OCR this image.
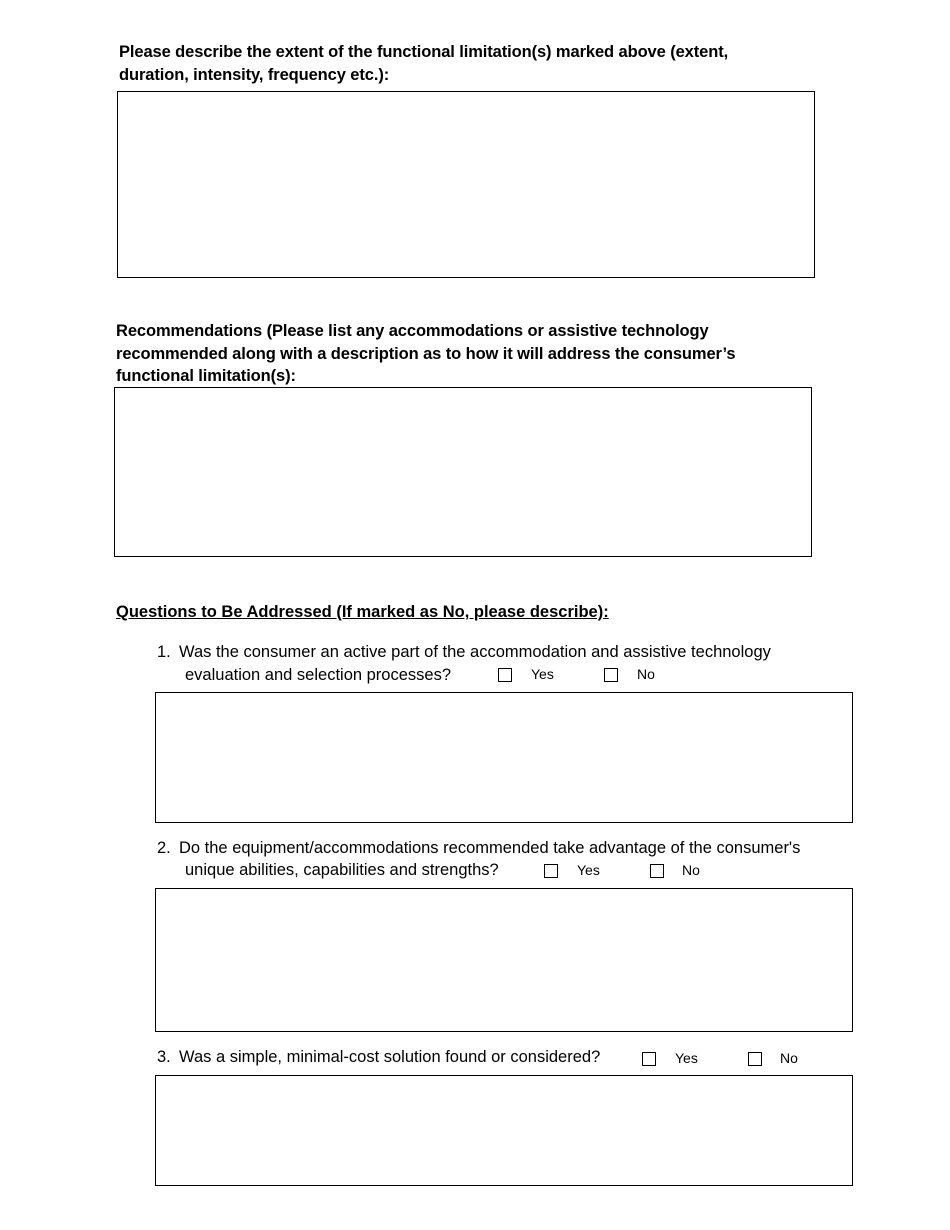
Please describe the extent of the functional limitation(s) marked above (extent,
duration, intensity, frequency etc.):
Recommendations (Please list any accommodations or assistive technology
recommended along with a description as to how it will address the consumer’s
functional limitation(s):
Questions to Be Addressed (If marked as No, please describe):
1. Was the consumer an active part of the accommodation and assistive technology
evaluation and selection processes?	Yes	No
2. Do the equipment/accommodations recommended take advantage of the consumer's
unique abilities, capabilities and strengths?	Yes	No
3. Was a simple, minimal-cost solution found or considered?	Yes	No
